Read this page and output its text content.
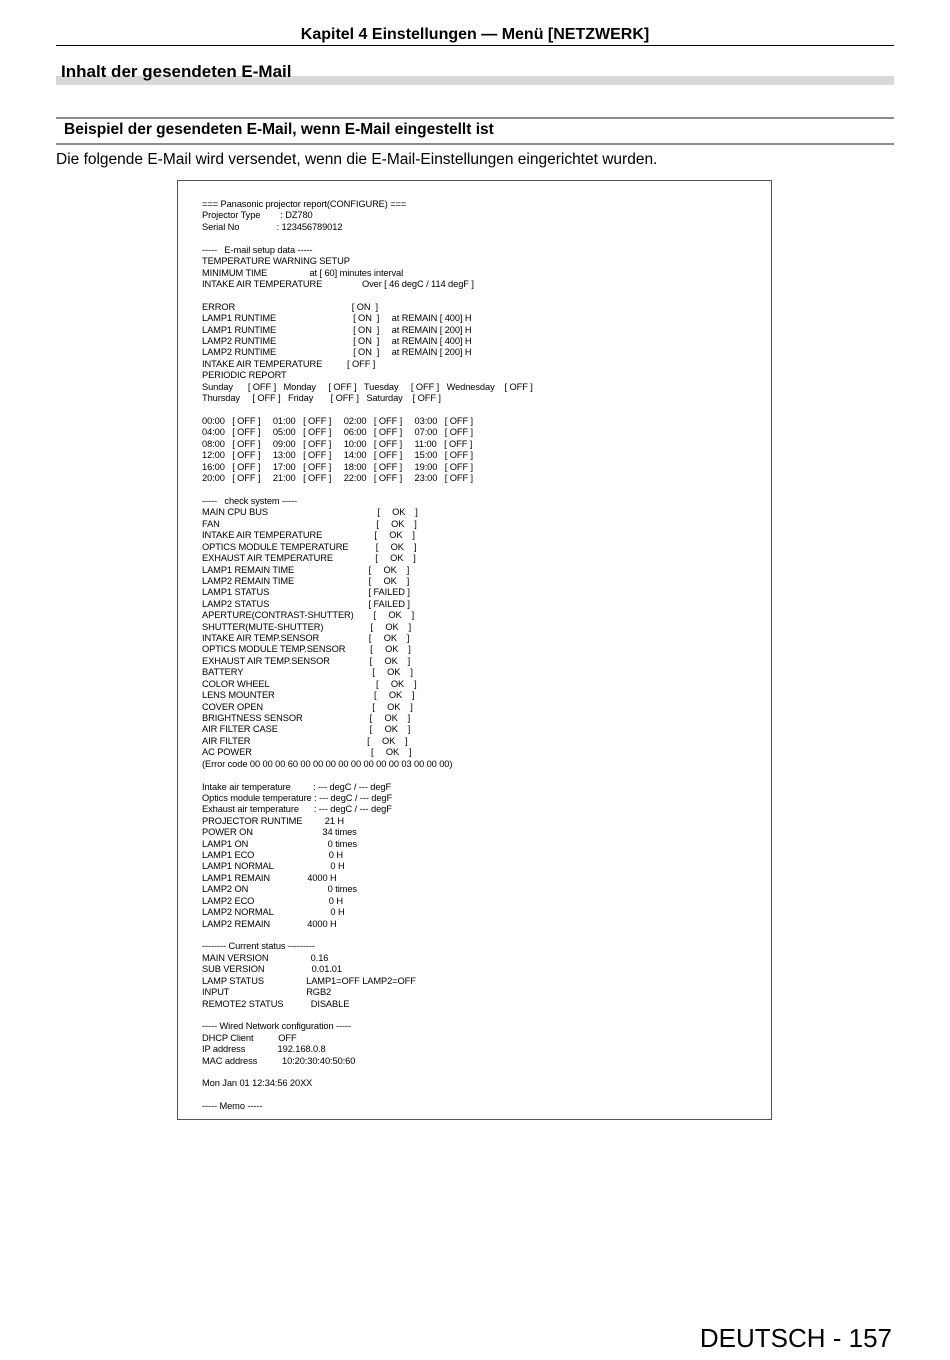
Kapitel 4 Einstellungen — Menü [NETZWERK]
Inhalt der gesendeten E-Mail
Beispiel der gesendeten E-Mail, wenn E-Mail eingestellt ist
Die folgende E-Mail wird versendet, wenn die E-Mail-Einstellungen eingerichtet wurden.
=== Panasonic projector report(CONFIGURE) ===
Projector Type        : DZ780
Serial No               : 123456789012
-----   E-mail setup data -----
TEMPERATURE WARNING SETUP
MINIMUM TIME                 at [ 60] minutes interval
INTAKE AIR TEMPERATURE                Over [ 46 degC / 114 degF ]
ERROR                                               [ ON  ]
LAMP1 RUNTIME                               [ ON  ]     at REMAIN [ 400] H
LAMP1 RUNTIME                               [ ON  ]     at REMAIN [ 200] H
LAMP2 RUNTIME                               [ ON  ]     at REMAIN [ 400] H
LAMP2 RUNTIME                               [ ON  ]     at REMAIN [ 200] H
INTAKE AIR TEMPERATURE          [ OFF ]
PERIODIC REPORT
Sunday      [ OFF ]   Monday     [ OFF ]   Tuesday     [ OFF ]   Wednesday    [ OFF ]
Thursday     [ OFF ]   Friday       [ OFF ]   Saturday    [ OFF ]
00:00   [ OFF ]     01:00   [ OFF ]     02:00   [ OFF ]     03:00   [ OFF ]
04:00   [ OFF ]     05:00   [ OFF ]     06:00   [ OFF ]     07:00   [ OFF ]
08:00   [ OFF ]     09:00   [ OFF ]     10:00   [ OFF ]     11:00   [ OFF ]
12:00   [ OFF ]     13:00   [ OFF ]     14:00   [ OFF ]     15:00   [ OFF ]
16:00   [ OFF ]     17:00   [ OFF ]     18:00   [ OFF ]     19:00   [ OFF ]
20:00   [ OFF ]     21:00   [ OFF ]     22:00   [ OFF ]     23:00   [ OFF ]
-----   check system -----
MAIN CPU BUS                                            [     OK    ]
FAN                                                               [     OK    ]
INTAKE AIR TEMPERATURE                     [     OK    ]
OPTICS MODULE TEMPERATURE           [     OK    ]
EXHAUST AIR TEMPERATURE                 [     OK    ]
LAMP1 REMAIN TIME                              [     OK    ]
LAMP2 REMAIN TIME                              [     OK    ]
LAMP1 STATUS                                        [ FAILED ]
LAMP2 STATUS                                        [ FAILED ]
APERTURE(CONTRAST-SHUTTER)        [     OK    ]
SHUTTER(MUTE-SHUTTER)                   [     OK    ]
INTAKE AIR TEMP.SENSOR                    [     OK    ]
OPTICS MODULE TEMP.SENSOR          [     OK    ]
EXHAUST AIR TEMP.SENSOR                [     OK    ]
BATTERY                                                    [     OK    ]
COLOR WHEEL                                           [     OK    ]
LENS MOUNTER                                        [     OK    ]
COVER OPEN                                            [     OK    ]
BRIGHTNESS SENSOR                           [     OK    ]
AIR FILTER CASE                                     [     OK    ]
AIR FILTER                                               [     OK    ]
AC POWER                                                [     OK    ]
(Error code 00 00 00 60 00 00 00 00 00 00 00 00 03 00 00 00)
Intake air temperature         : --- degC / --- degF
Optics module temperature : --- degC / --- degF
Exhaust air temperature      : --- degC / --- degF
PROJECTOR RUNTIME         21 H
POWER ON                            34 times
LAMP1 ON                                0 times
LAMP1 ECO                              0 H
LAMP1 NORMAL                       0 H
LAMP1 REMAIN               4000 H
LAMP2 ON                                0 times
LAMP2 ECO                              0 H
LAMP2 NORMAL                       0 H
LAMP2 REMAIN               4000 H
-------- Current status ---------
MAIN VERSION                 0.16
SUB VERSION                   0.01.01
LAMP STATUS                 LAMP1=OFF LAMP2=OFF
INPUT                               RGB2
REMOTE2 STATUS           DISABLE
----- Wired Network configuration -----
DHCP Client          OFF
IP address             192.168.0.8
MAC address          10:20:30:40:50:60
Mon Jan 01 12:34:56 20XX
----- Memo -----
DEUTSCH - 157
